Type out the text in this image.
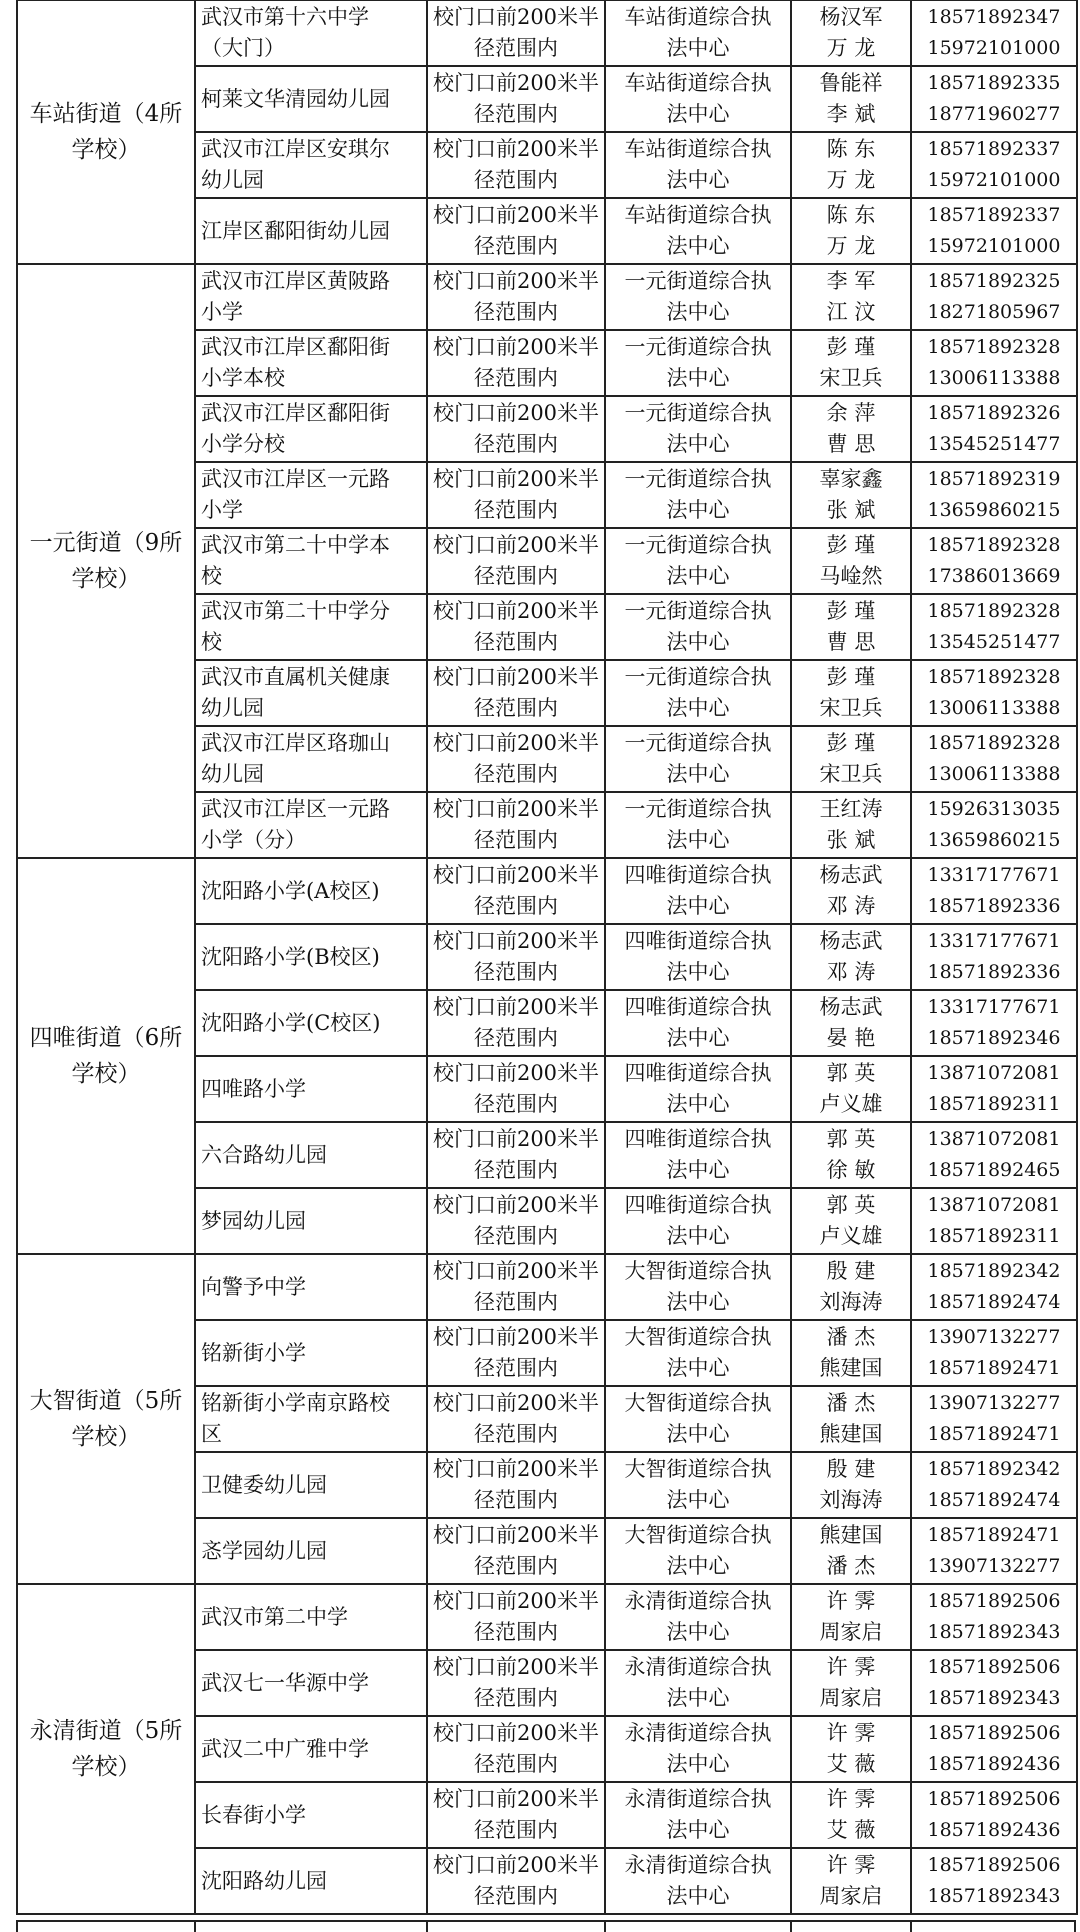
车站街道（4所
学校）	武汉市第十六中学
（大门）	校门口前200米半
径范围内	车站街道综合执
法中心	杨汉军
万 龙	18571892347
15972101000

	柯莱文华清园幼儿园	校门口前200米半
径范围内	车站街道综合执
法中心	鲁能祥
李 斌	18571892335
18771960277

	武汉市江岸区安琪尔
幼儿园	校门口前200米半
径范围内	车站街道综合执
法中心	陈 东
万 龙	18571892337
15972101000

	江岸区鄱阳街幼儿园	校门口前200米半
径范围内	车站街道综合执
法中心	陈 东
万 龙	18571892337
15972101000

一元街道（9所
学校）	武汉市江岸区黄陂路
小学	校门口前200米半
径范围内	一元街道综合执
法中心	李 军
江 汶	18571892325
18271805967

	武汉市江岸区鄱阳街
小学本校	校门口前200米半
径范围内	一元街道综合执
法中心	彭 瑾
宋卫兵	18571892328
13006113388

	武汉市江岸区鄱阳街
小学分校	校门口前200米半
径范围内	一元街道综合执
法中心	余 萍
曹 思	18571892326
13545251477

	武汉市江岸区一元路
小学	校门口前200米半
径范围内	一元街道综合执
法中心	辜家鑫
张 斌	18571892319
13659860215

	武汉市第二十中学本
校	校门口前200米半
径范围内	一元街道综合执
法中心	彭 瑾
马崯然	18571892328
17386013669

	武汉市第二十中学分
校	校门口前200米半
径范围内	一元街道综合执
法中心	彭 瑾
曹 思	18571892328
13545251477

	武汉市直属机关健康
幼儿园	校门口前200米半
径范围内	一元街道综合执
法中心	彭 瑾
宋卫兵	18571892328
13006113388

	武汉市江岸区珞珈山
幼儿园	校门口前200米半
径范围内	一元街道综合执
法中心	彭 瑾
宋卫兵	18571892328
13006113388

	武汉市江岸区一元路
小学（分）	校门口前200米半
径范围内	一元街道综合执
法中心	王红涛
张 斌	15926313035
13659860215

四唯街道（6所
学校）	沈阳路小学(A校区)	校门口前200米半
径范围内	四唯街道综合执
法中心	杨志武
邓 涛	13317177671
18571892336

	沈阳路小学(B校区)	校门口前200米半
径范围内	四唯街道综合执
法中心	杨志武
邓 涛	13317177671
18571892336

	沈阳路小学(C校区)	校门口前200米半
径范围内	四唯街道综合执
法中心	杨志武
晏 艳	13317177671
18571892346

	四唯路小学	校门口前200米半
径范围内	四唯街道综合执
法中心	郭 英
卢义雄	13871072081
18571892311

	六合路幼儿园	校门口前200米半
径范围内	四唯街道综合执
法中心	郭 英
徐 敏	13871072081
18571892465

	梦园幼儿园	校门口前200米半
径范围内	四唯街道综合执
法中心	郭 英
卢义雄	13871072081
18571892311

大智街道（5所
学校）	向警予中学	校门口前200米半
径范围内	大智街道综合执
法中心	殷 建
刘海涛	18571892342
18571892474

	铭新街小学	校门口前200米半
径范围内	大智街道综合执
法中心	潘 杰
熊建国	13907132277
18571892471

	铭新街小学南京路校
区	校门口前200米半
径范围内	大智街道综合执
法中心	潘 杰
熊建国	13907132277
18571892471

	卫健委幼儿园	校门口前200米半
径范围内	大智街道综合执
法中心	殷 建
刘海涛	18571892342
18571892474

	忞学园幼儿园	校门口前200米半
径范围内	大智街道综合执
法中心	熊建国
潘 杰	18571892471
13907132277

永清街道（5所
学校）	武汉市第二中学	校门口前200米半
径范围内	永清街道综合执
法中心	许 霁
周家启	18571892506
18571892343

	武汉七一华源中学	校门口前200米半
径范围内	永清街道综合执
法中心	许 霁
周家启	18571892506
18571892343

	武汉二中广雅中学	校门口前200米半
径范围内	永清街道综合执
法中心	许 霁
艾 薇	18571892506
18571892436

	长春街小学	校门口前200米半
径范围内	永清街道综合执
法中心	许 霁
艾 薇	18571892506
18571892436

	沈阳路幼儿园	校门口前200米半
径范围内	永清街道综合执
法中心	许 霁
周家启	18571892506
18571892343
